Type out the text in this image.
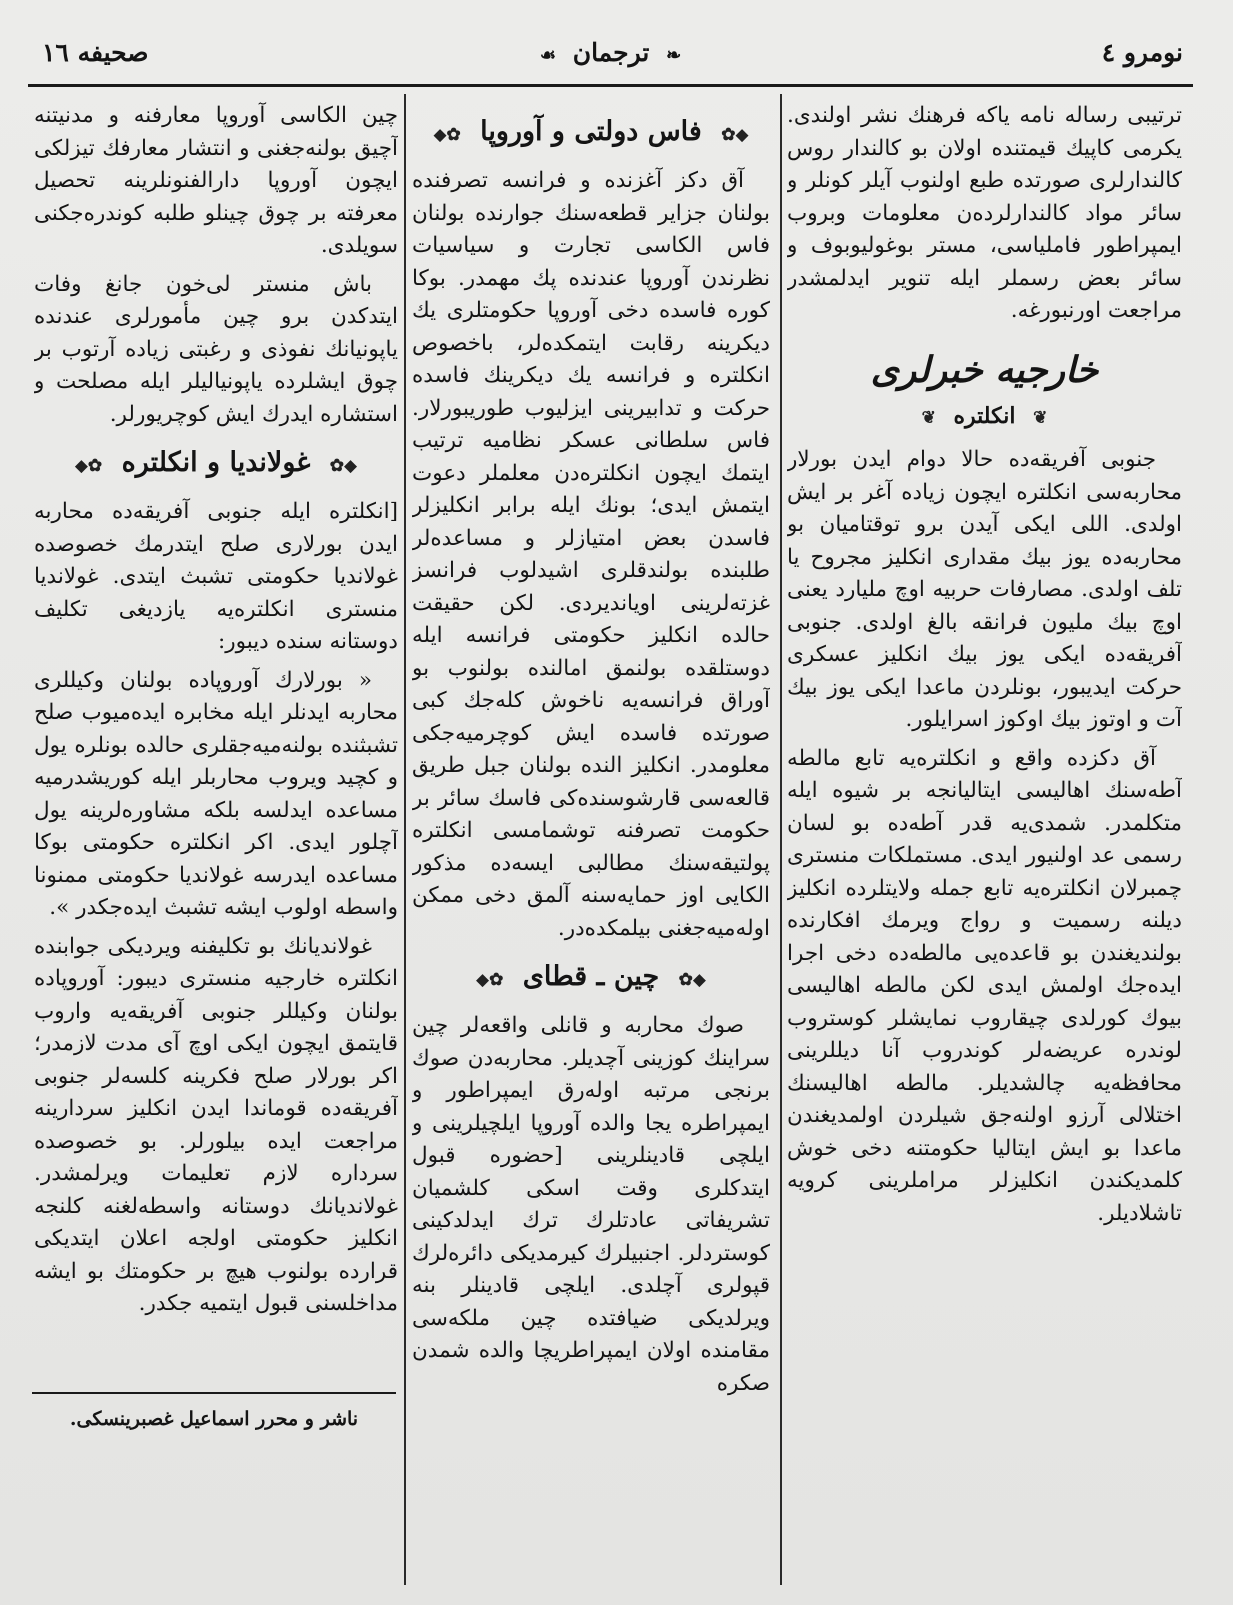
نومرو ٤
❧ ترجمان ☙
صحيفه ١٦

ترتيبى رساله نامه ياكه فرهنك نشر اولندى. يكرمى كاپيك قيمتنده اولان بو كالندار روس كالندارلرى صورتده طبع اولنوب آيلر كونلر و سائر مواد كالندارلرده‌ن معلومات وبروب ايمپراطور فاملياسى، مستر بوغوليوبوف و سائر بعض رسملر ايله تنوير ايدلمشدر مراجعت اورنبورغه.

خارجيه خبرلرى
❦ انكلتره ❦

جنوبى آفريقه‌ده حالا دوام ايدن بورلار محاربه‌سى انكلتره ايچون زياده آغر بر ايش اولدى. اللى ايكى آيدن برو توقتاميان بو محاربه‌ده يوز بيك مقدارى انكليز مجروح يا تلف اولدى. مصارفات حربيه اوچ مليارد يعنى اوچ بيك مليون فرانقه بالغ اولدى. جنوبى آفريقه‌ده ايكى يوز بيك انكليز عسكرى حركت ايديبور، بونلردن ماعدا ايكى يوز بيك آت و اوتوز بيك اوكوز اسرايلور.

آق دكزده واقع و انكلتره‌يه تابع مالطه آطه‌سنك اهاليسى ايتاليانجه بر شيوه ايله متكلمدر. شمدى‌يه قدر آطه‌ده بو لسان رسمى عد اولنيور ايدى. مستملكات منسترى چمبرلان انكلتره‌يه تابع جمله ولايتلرده انكليز ديلنه رسميت و رواج ويرمك افكارنده بولنديغندن بو قاعده‌يى مالطه‌ده دخى اجرا ايده‌جك اولمش ايدى لكن مالطه اهاليسى بيوك كورلدى چيقاروب نمايشلر كوستروب لوندره عريضه‌لر كوندروب آنا ديللرينى محافظه‌يه چالشديلر. مالطه اهاليسنك اختلالى آرزو اولنه‌جق شيلردن اولمديغندن ماعدا بو ايش ايتاليا حكومتنه دخى خوش كلمديكندن انكليزلر مراملرينى كرويه تاشلاديلر.

◆✿ فاس دولتى و آوروپا ✿◆

آق دكز آغزنده و فرانسه تصرفنده بولنان جزاير قطعه‌سنك جوارنده بولنان فاس الكاسى تجارت و سياسيات نظرندن آوروپا عندنده پك مهمدر. بوكا كوره فاسده دخى آوروپا حكومتلرى يك ديكرينه رقابت ايتمكده‌لر، باخصوص انكلتره و فرانسه يك ديكرينك فاسده حركت و تدابيرينى ايزليوب طوريبورلار. فاس سلطانى عسكر نظاميه ترتيب ايتمك ايچون انكلتره‌دن معلملر دعوت ايتمش ايدى؛ بونك ايله برابر انكليزلر فاسدن بعض امتيازلر و مساعده‌لر طلبنده بولندقلرى اشيدلوب فرانسز غزته‌لرينى اويانديردى. لكن حقيقت حالده انكليز حكومتى فرانسه ايله دوستلقده بولنمق امالنده بولنوب بو آوراق فرانسه‌يه ناخوش كله‌جك كبى صورتده فاسده ايش كوچرميه‌جكى معلومدر. انكليز النده بولنان جبل طريق قالعه‌سى قارشوسنده‌كى فاسك سائر بر حكومت تصرفنه توشمامسى انكلتره پولتيقه‌سنك مطالبى ايسه‌ده مذكور الكايى اوز حمايه‌سنه آلمق دخى ممكن اوله‌ميه‌جغنى بيلمكده‌در.

◆✿ چين ـ قطاى ✿◆

صوك محاربه و قانلى واقعه‌لر چين سراينك كوزينى آچديلر. محاربه‌دن صوك برنجى مرتبه اوله‌رق ايمپراطور و ايمپراطره يجا والده آوروپا ايلچيلرينى و ايلچى قادينلرينى [حضوره قبول ايتدكلرى وقت اسكى كلشميان تشريفاتى عادتلرك ترك ايدلدكينى كوستردلر. اجنبيلرك كيرمديكى دائره‌لرك قپولرى آچلدى. ايلچى قادينلر بنه ويرلديكى ضيافتده چين ملكه‌سى مقامنده اولان ايمپراطريچا والده شمدن صكره

چين الكاسى آوروپا معارفنه و مدنيتنه آچيق بولنه‌جغنى و انتشار معارفك تيزلكى ايچون آوروپا دارالفنونلرينه تحصيل معرفته بر چوق چينلو طلبه كوندره‌جكنى سويلدى.

باش منستر لى‌خون جانغ وفات ايتدكدن برو چين مأمورلرى عندنده ياپونيانك نفوذى و رغبتى زياده آرتوب بر چوق ايشلرده ياپونياليلر ايله مصلحت و استشاره ايدرك ايش كوچريورلر.

◆✿ غولانديا و انكلتره ✿◆

[انكلتره ايله جنوبى آفريقه‌ده محاربه ايدن بورلارى صلح ايتدرمك خصوصده غولانديا حكومتى تشبث ايتدى. غولانديا منسترى انكلتره‌يه يازديغى تكليف دوستانه سنده ديبور:

« بورلارك آوروپاده بولنان وكيللرى محاربه ايدنلر ايله مخابره ايده‌ميوب صلح تشبثنده بولنه‌ميه‌جقلرى حالده بونلره يول و كچيد ويروب محاربلر ايله كوريشدرميه مساعده ايدلسه بلكه مشاوره‌لرينه يول آچلور ايدى. اكر انكلتره حكومتى بوكا مساعده ايدرسه غولانديا حكومتى ممنونا واسطه اولوب ايشه تشبث ايده‌جكدر ».

غولانديانك بو تكليفنه ويرديكى جوابنده انكلتره خارجيه منسترى ديبور: آوروپاده بولنان وكيللر جنوبى آفريقه‌يه واروب قايتمق ايچون ايكى اوچ آى مدت لازمدر؛ اكر بورلار صلح فكرينه كلسه‌لر جنوبى آفريقه‌ده قوماندا ايدن انكليز سردارينه مراجعت ايده بيلورلر. بو خصوصده سرداره لازم تعليمات ويرلمشدر. غولانديانك دوستانه واسطه‌لغنه كلنجه انكليز حكومتى اولجه اعلان ايتديكى قرارده بولنوب هيچ بر حكومتك بو ايشه مداخلسنى قبول ايتميه جكدر.

ناشر و محرر اسماعيل غصبرينسكى.
